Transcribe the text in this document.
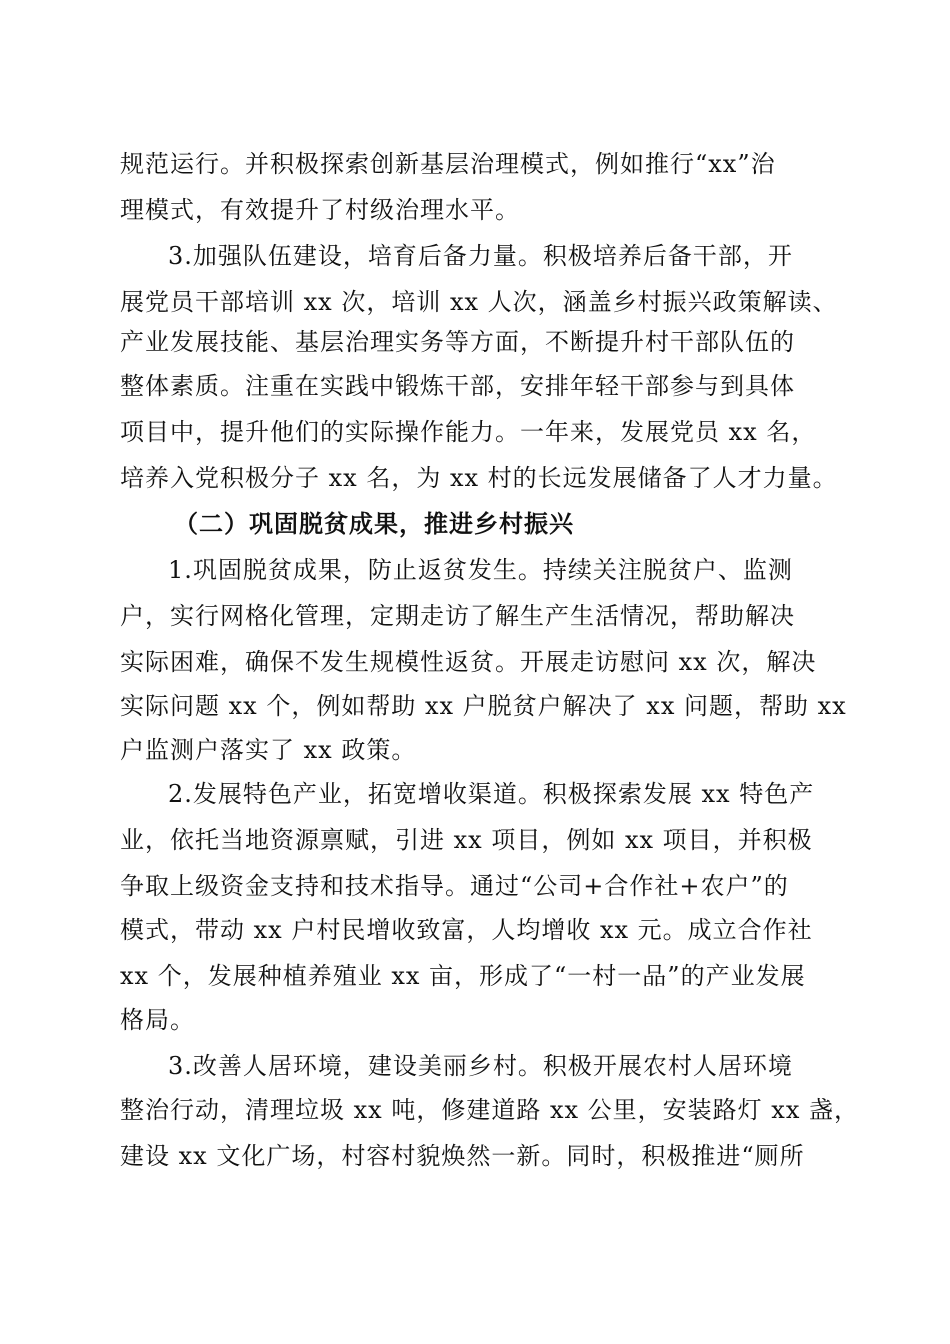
规范运行。并积极探索创新基层治理模式，例如推行“xx”治
理模式，有效提升了村级治理水平。
3.加强队伍建设，培育后备力量。积极培养后备干部，开
展党员干部培训 xx 次，培训 xx 人次，涵盖乡村振兴政策解读、
产业发展技能、基层治理实务等方面，不断提升村干部队伍的
整体素质。注重在实践中锻炼干部，安排年轻干部参与到具体
项目中，提升他们的实际操作能力。一年来，发展党员 xx 名，
培养入党积极分子 xx 名，为 xx 村的长远发展储备了人才力量。
（二）巩固脱贫成果，推进乡村振兴
1.巩固脱贫成果，防止返贫发生。持续关注脱贫户、监测
户，实行网格化管理，定期走访了解生产生活情况，帮助解决
实际困难，确保不发生规模性返贫。开展走访慰问 xx 次，解决
实际问题 xx 个，例如帮助 xx 户脱贫户解决了 xx 问题，帮助 xx
户监测户落实了 xx 政策。
2.发展特色产业，拓宽增收渠道。积极探索发展 xx 特色产
业，依托当地资源禀赋，引进 xx 项目，例如 xx 项目，并积极
争取上级资金支持和技术指导。通过“公司+合作社+农户”的
模式，带动 xx 户村民增收致富，人均增收 xx 元。成立合作社
xx 个，发展种植养殖业 xx 亩，形成了“一村一品”的产业发展
格局。
3.改善人居环境，建设美丽乡村。积极开展农村人居环境
整治行动，清理垃圾 xx 吨，修建道路 xx 公里，安装路灯 xx 盏，
建设 xx 文化广场，村容村貌焕然一新。同时，积极推进“厕所
